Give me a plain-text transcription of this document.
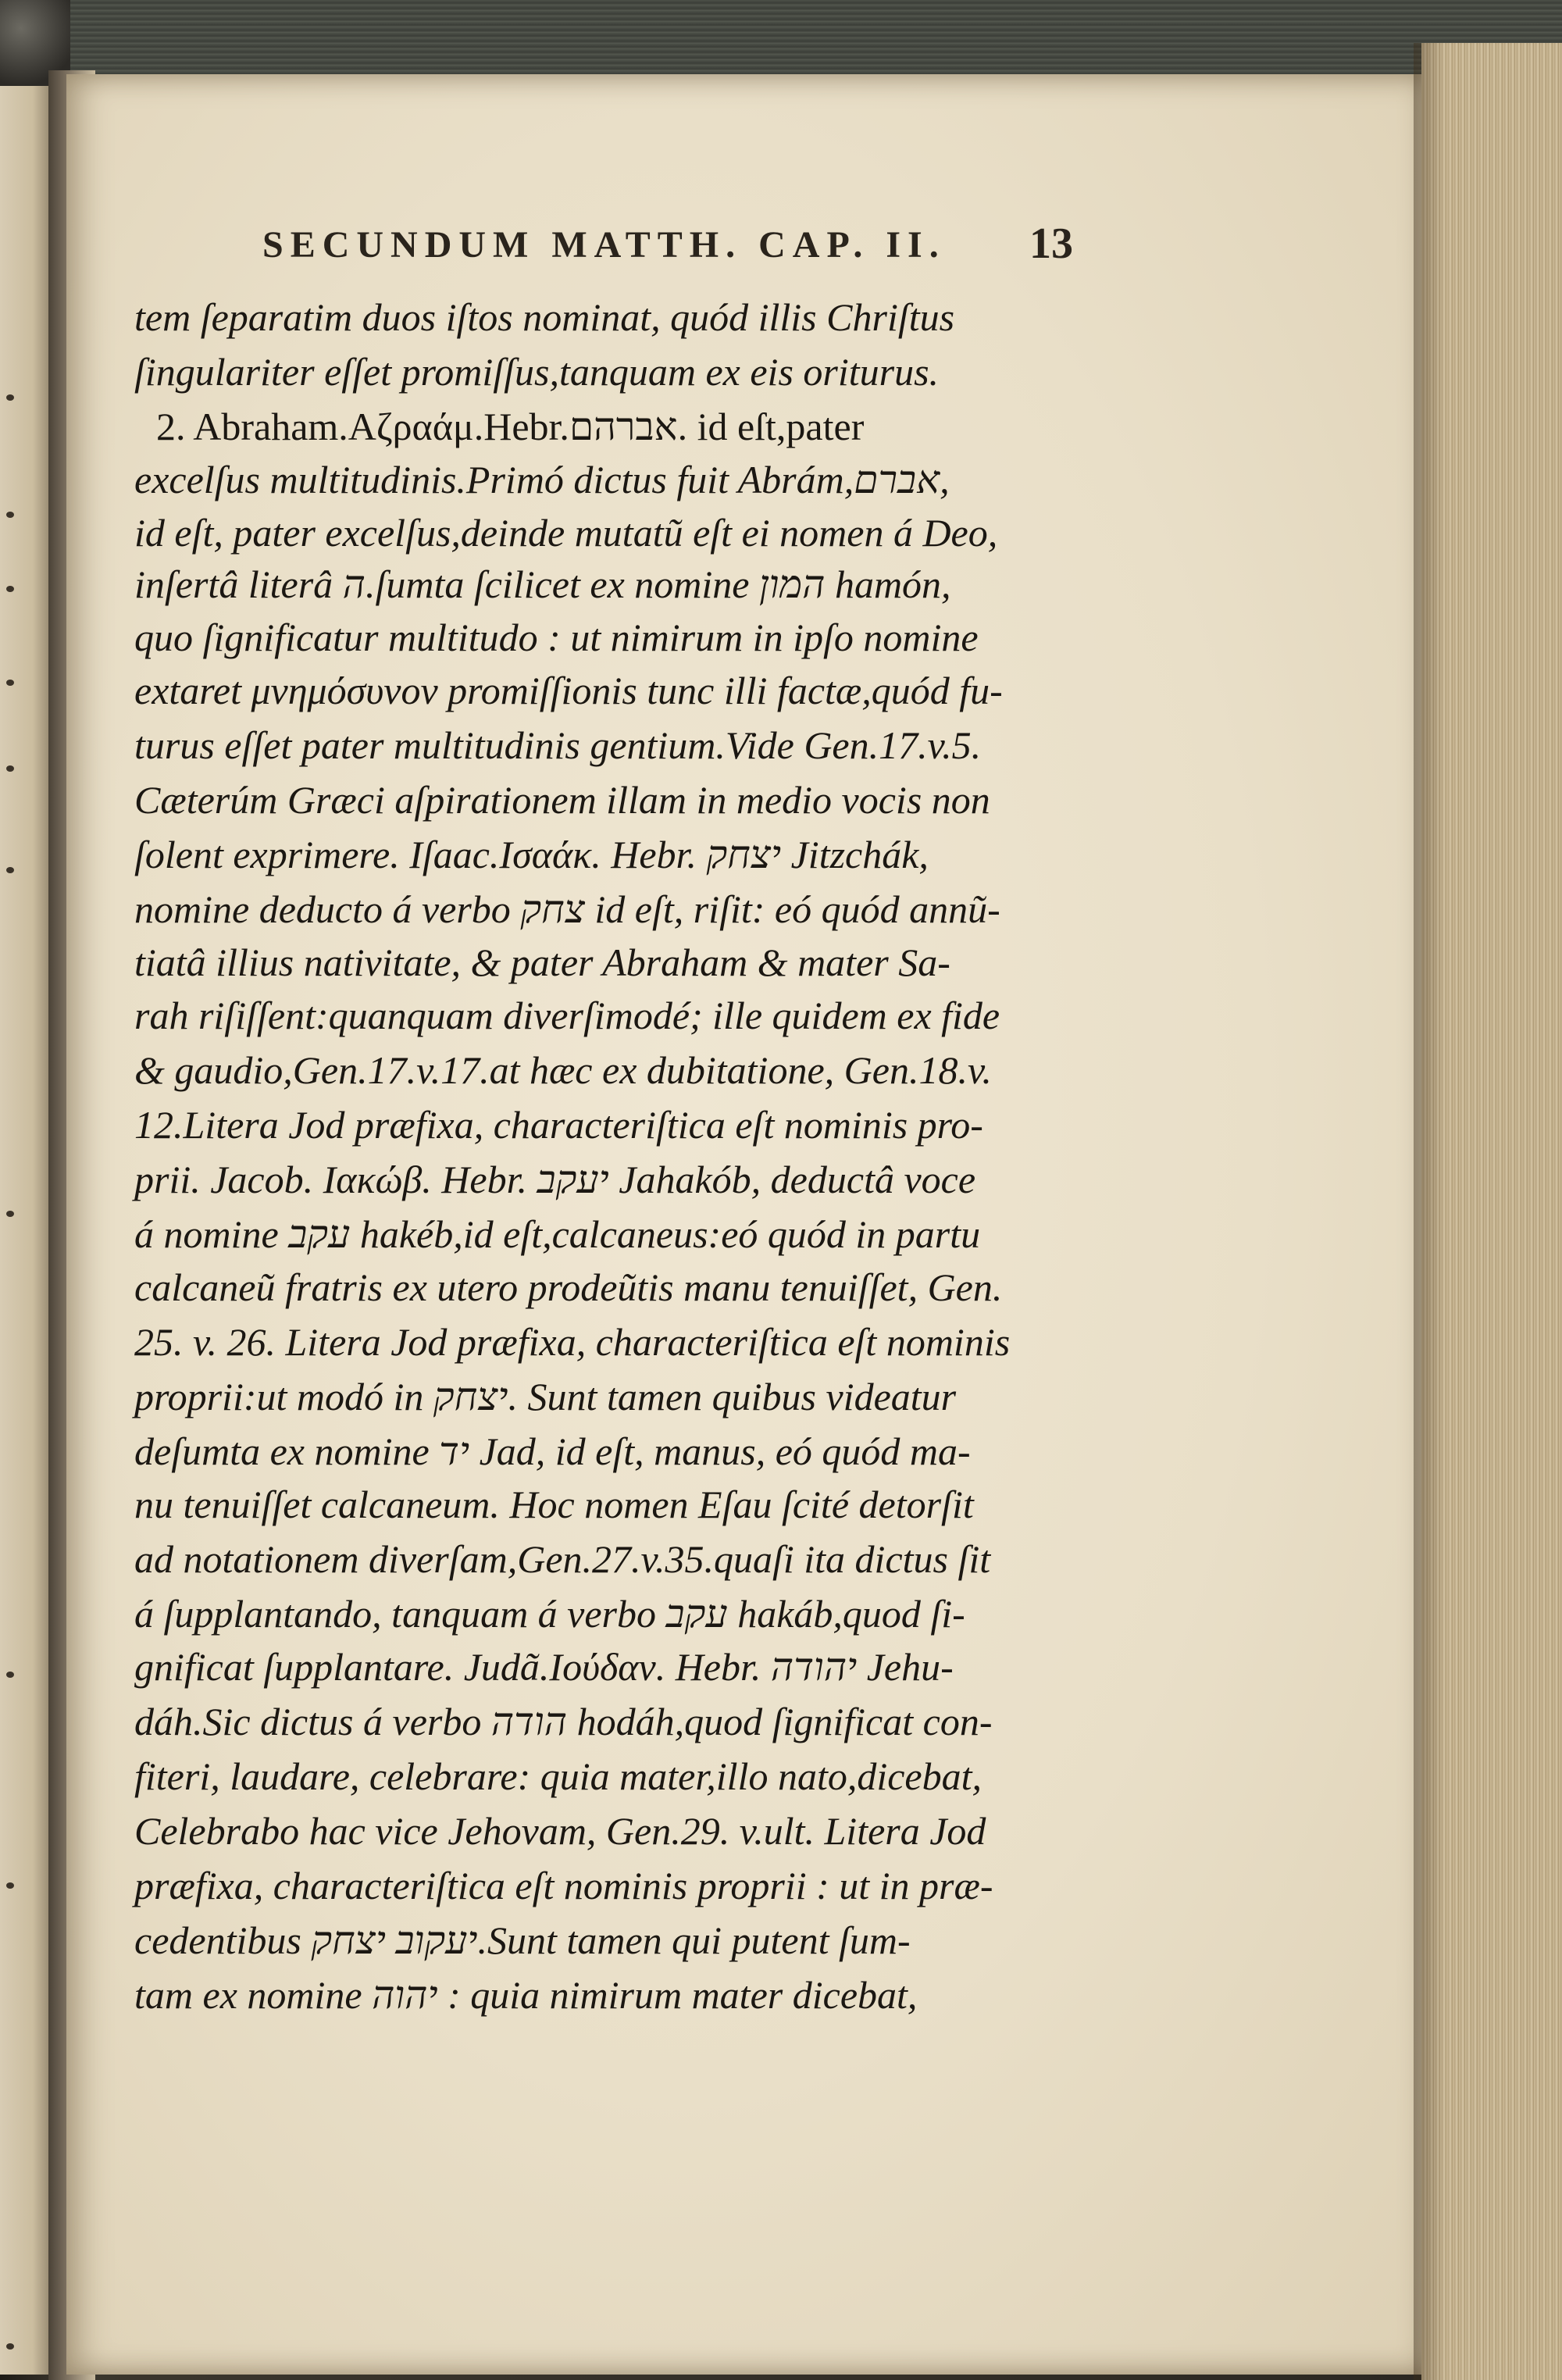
SECUNDUM MATTH. CAP. II.	13
tem ſeparatim duos iſtos nominat, quód illis Chriſtus
ſingulariter eſſet promiſſus,tanquam ex eis oriturus.
2. Abraham.Aζραάμ.Hebr.אברהם. id eſt,pater
excelſus multitudinis.Primó dictus fuit Abrám,אברם,
id eſt, pater excelſus,deinde mutatũ eſt ei nomen á Deo,
inſertâ literâ ה.ſumta ſcilicet ex nomine המון hamón,
quo ſignificatur multitudo : ut nimirum in ipſo nomine
extaret μνημόσυνον promiſſionis tunc illi factæ,quód fu-
turus eſſet pater multitudinis gentium.Vide Gen.17.v.5.
Cæterúm Græci aſpirationem illam in medio vocis non
ſolent exprimere. Iſaac.Ισαάκ. Hebr. יצחק Jitzchák,
nomine deducto á verbo צחק id eſt, riſit: eó quód annũ-
tiatâ illius nativitate, & pater Abraham & mater Sa-
rah riſiſſent:quanquam diverſimodé; ille quidem ex fide
& gaudio,Gen.17.v.17.at hæc ex dubitatione, Gen.18.v.
12.Litera Jod præfixa, characteriſtica eſt nominis pro-
prii. Jacob. Ιακώβ. Hebr. יעקב Jahakób, deductâ voce
á nomine עקב hakéb,id eſt,calcaneus:eó quód in partu
calcaneũ fratris ex utero prodeũtis manu tenuiſſet, Gen.
25. v. 26. Litera Jod præfixa, characteriſtica eſt nominis
proprii:ut modó in יצחק. Sunt tamen quibus videatur
deſumta ex nomine יד Jad, id eſt, manus, eó quód ma-
nu tenuiſſet calcaneum. Hoc nomen Eſau ſcité detorſit
ad notationem diverſam,Gen.27.v.35.quaſi ita dictus ſit
á ſupplantando, tanquam á verbo עקב hakáb,quod ſi-
gnificat ſupplantare. Judã.Ιούδαν. Hebr. יהודה Jehu-
dáh.Sic dictus á verbo הודה hodáh,quod ſignificat con-
fiteri, laudare, celebrare: quia mater,illo nato,dicebat,
Celebrabo hac vice Jehovam, Gen.29. v.ult. Litera Jod
præfixa, characteriſtica eſt nominis proprii : ut in præ-
cedentibus יעקוב יצחק.Sunt tamen qui putent ſum-
tam ex nomine יהוה : quia nimirum mater dicebat,
